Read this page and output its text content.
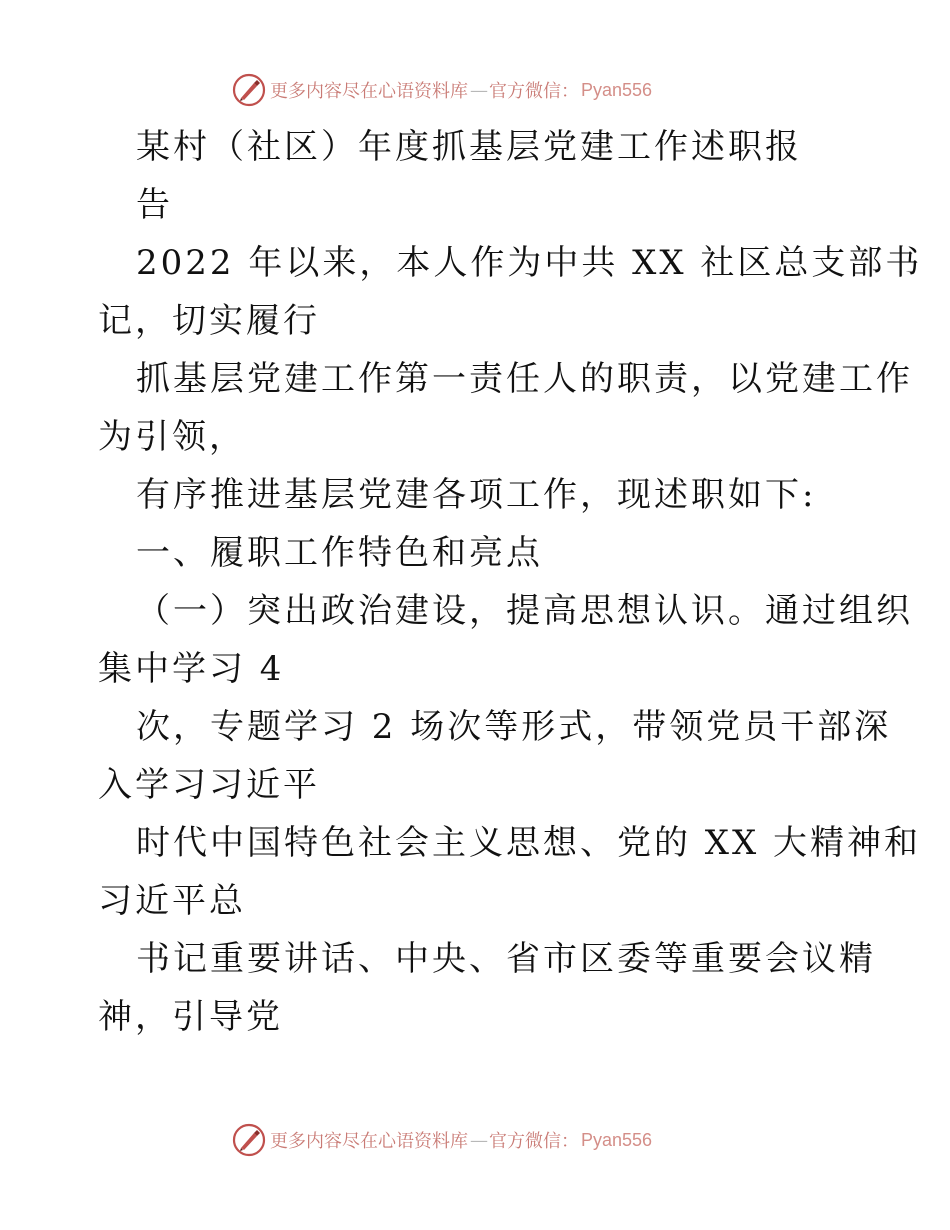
更多内容尽在心语资料库 — 官方微信： Pyan556
某村（社区）年度抓基层党建工作述职报
告
2022 年以来，本人作为中共 XX 社区总支部书
记，切实履行
抓基层党建工作第一责任人的职责，以党建工作
为引领，
有序推进基层党建各项工作，现述职如下:
一、履职工作特色和亮点
（一）突出政治建设，提高思想认识。通过组织
集中学习 4
次，专题学习 2 场次等形式，带领党员干部深
入学习习近平
时代中国特色社会主义思想、党的 XX 大精神和
习近平总
书记重要讲话、中央、省市区委等重要会议精
神，引导党
更多内容尽在心语资料库 — 官方微信： Pyan556
